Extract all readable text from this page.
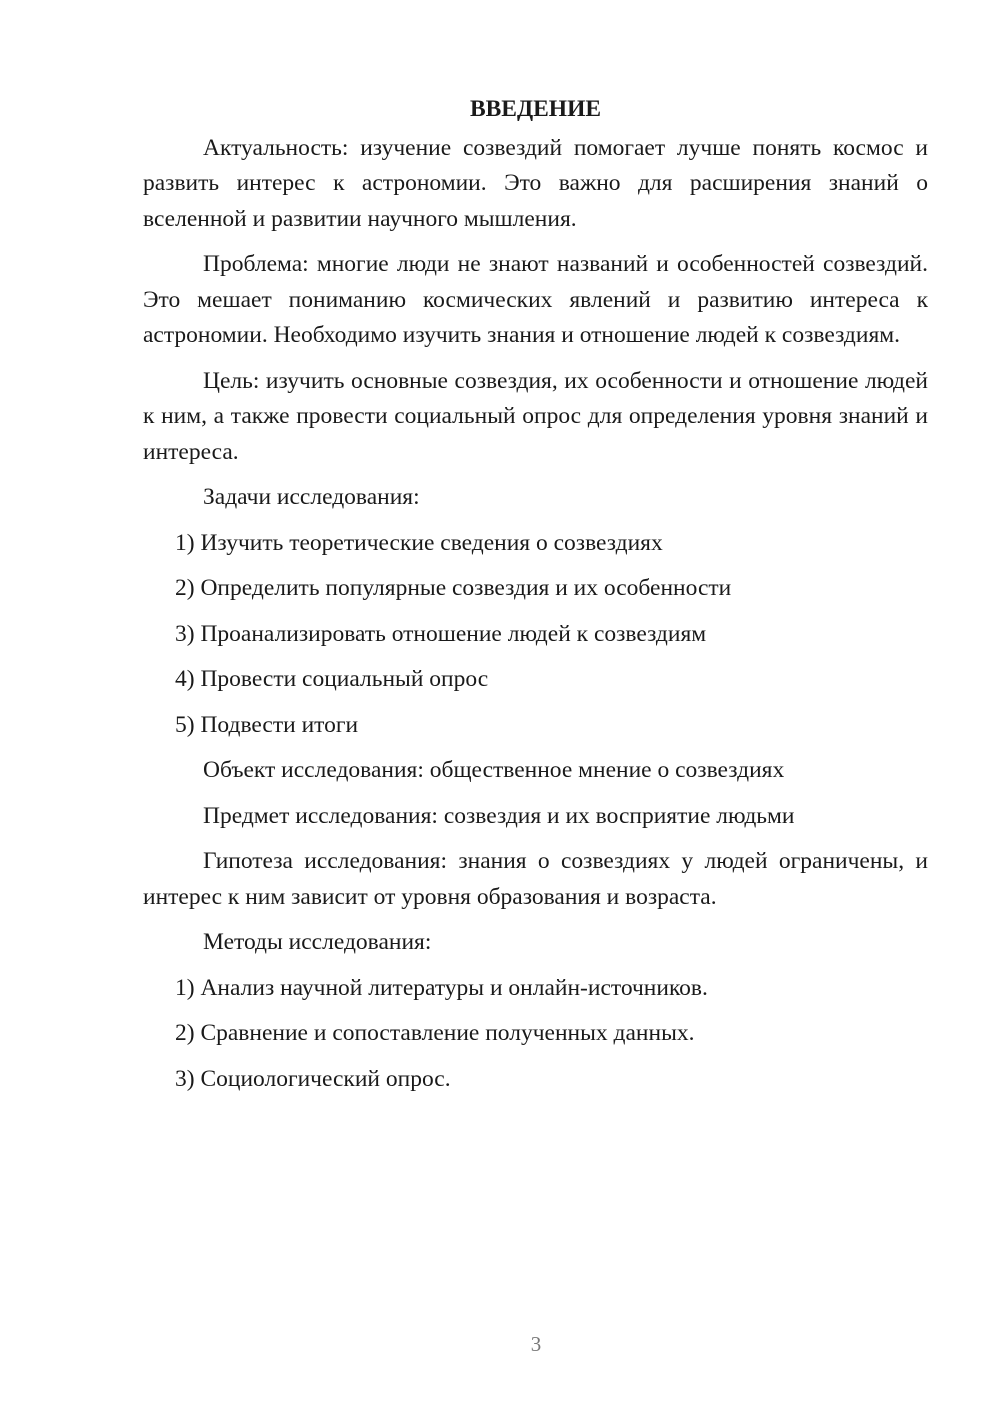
ВВЕДЕНИЕ

Актуальность: изучение созвездий помогает лучше понять космос и развить интерес к астрономии. Это важно для расширения знаний о вселенной и развитии научного мышления.

Проблема: многие люди не знают названий и особенностей созвездий. Это мешает пониманию космических явлений и развитию интереса к астрономии. Необходимо изучить знания и отношение людей к созвездиям.

Цель: изучить основные созвездия, их особенности и отношение людей к ним, а также провести социальный опрос для определения уровня знаний и интереса.

Задачи исследования:

1) Изучить теоретические сведения о созвездиях

2) Определить популярные созвездия и их особенности

3) Проанализировать отношение людей к созвездиям

4) Провести социальный опрос

5) Подвести итоги

Объект исследования: общественное мнение о созвездиях

Предмет исследования: созвездия и их восприятие людьми

Гипотеза исследования: знания о созвездиях у людей ограничены, и интерес к ним зависит от уровня образования и возраста.

Методы исследования:

1) Анализ научной литературы и онлайн-источников.

2) Сравнение и сопоставление полученных данных.

3) Социологический опрос.

3
